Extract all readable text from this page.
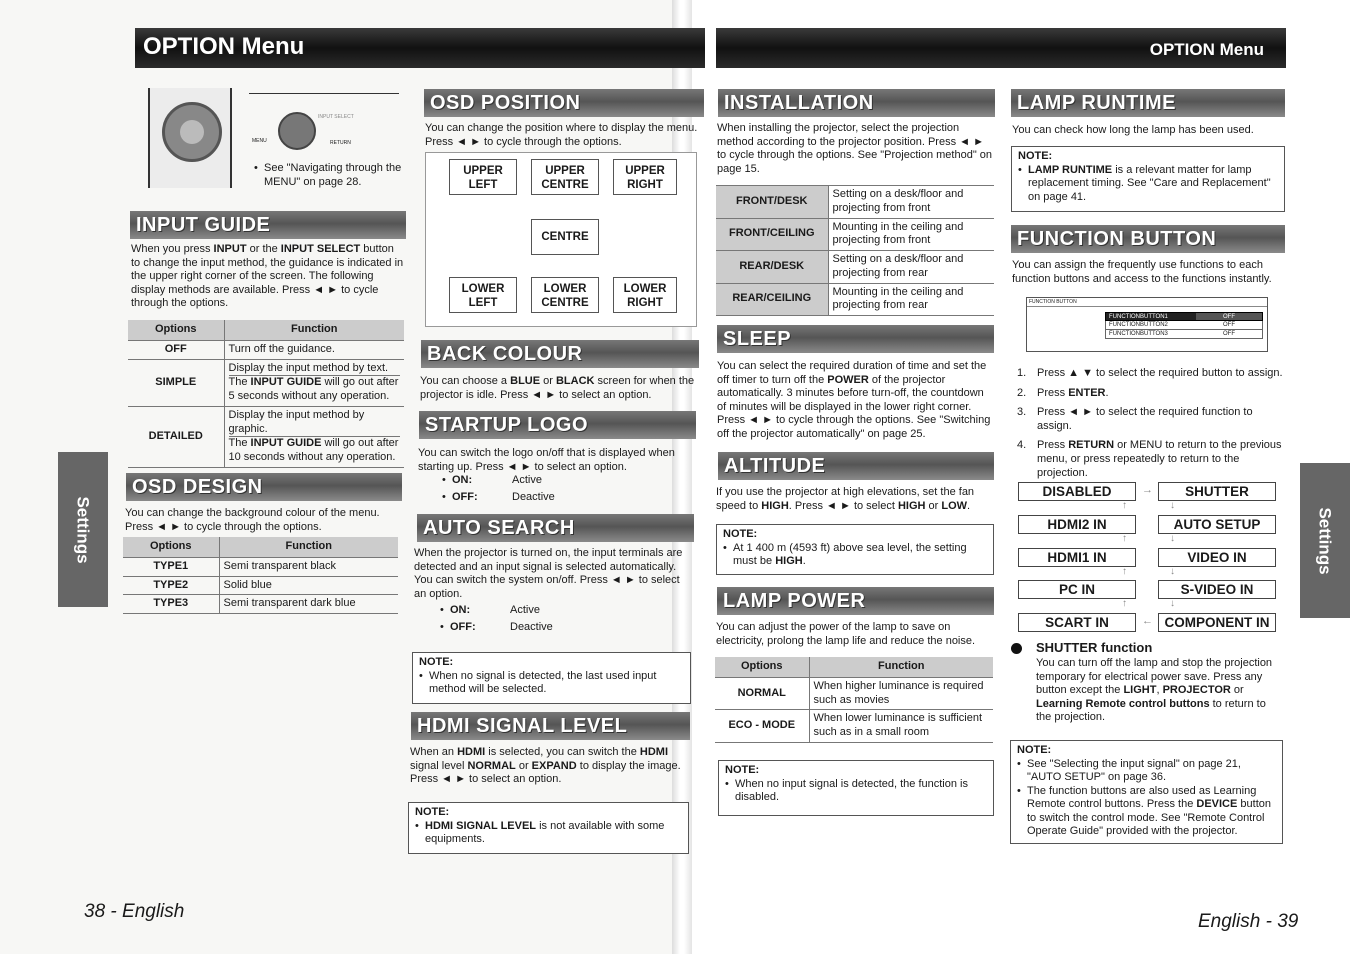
OPTION Menu
MENU	RETURN
INPUT SELECT
• See "Navigating through the MENU" on page 28.
INPUT GUIDE
When you press INPUT or the INPUT SELECT button to change the input method, the guidance is indicated in the upper right corner of the screen. The following display methods are available. Press ◄ ► to cycle through the options.
Options	Function
OFF	Turn off the guidance.
SIMPLE	Display the input method by text.
The INPUT GUIDE will go out after 5 seconds without any operation.

DETAILED	Display the input method by graphic.
The INPUT GUIDE will go out after 10 seconds without any operation.
OSD DESIGN
You can change the background colour of the menu. Press ◄ ► to cycle through the options.
Options	Function
TYPE1	Semi transparent black
TYPE2	Solid blue
TYPE3	Semi transparent dark blue
OSD POSITION
You can change the position where to display the menu. Press ◄ ► to cycle through the options.
UPPER LEFT
UPPER CENTRE
UPPER RIGHT
CENTRE
LOWER LEFT
LOWER CENTRE
LOWER RIGHT
BACK COLOUR
You can choose a BLUE or BLACK screen for when the projector is idle. Press ◄ ► to select an option.
STARTUP LOGO
You can switch the logo on/off that is displayed when starting up. Press ◄ ► to select an option.
• ON:	Active
• OFF:	Deactive
AUTO SEARCH
When the projector is turned on, the input terminals are detected and an input signal is selected automatically. You can switch the system on/off. Press ◄ ► to select an option.
• ON:	Active
• OFF:	Deactive
NOTE:
• When no signal is detected, the last used input method will be selected.
HDMI SIGNAL LEVEL
When an HDMI is selected, you can switch the HDMI signal level NORMAL or EXPAND to display the image. Press ◄ ► to select an option.
NOTE:
• HDMI SIGNAL LEVEL is not available with some equipments.
Settings
38 - English
OPTION Menu
INSTALLATION
When installing the projector, select the projection method according to the projector position. Press ◄ ► to cycle through the options. See "Projection method" on page 15.
FRONT/DESK	Setting on a desk/floor and projecting from front
FRONT/CEILING	Mounting in the ceiling and projecting from front
REAR/DESK	Setting on a desk/floor and projecting from rear
REAR/CEILING	Mounting in the ceiling and projecting from rear
SLEEP
You can select the required duration of time and set the off timer to turn off the POWER of the projector automatically. 3 minutes before turn-off, the countdown of minutes will be displayed in the lower right corner. Press ◄ ► to cycle through the options. See "Switching off the projector automatically" on page 25.
ALTITUDE
If you use the projector at high elevations, set the fan speed to HIGH. Press ◄ ► to select HIGH or LOW.
NOTE:
• At 1 400 m (4593 ft) above sea level, the setting must be HIGH.
LAMP POWER
You can adjust the power of the lamp to save on electricity, prolong the lamp life and reduce the noise.
Options	Function
NORMAL	When higher luminance is required such as movies
ECO - MODE	When lower luminance is sufficient such as in a small room
NOTE:
• When no input signal is detected, the function is disabled.
LAMP RUNTIME
You can check how long the lamp has been used.
NOTE:
• LAMP RUNTIME is a relevant matter for lamp replacement timing. See "Care and Replacement" on page 41.
FUNCTION BUTTON
You can assign the frequently use functions to each function buttons and access to the functions instantly.
FUNCTION BUTTON
FUNCTIONBUTTON1	OFF
FUNCTIONBUTTON2	OFF
FUNCTIONBUTTON3	OFF
1. Press ▲ ▼ to select the required button to assign.
2. Press ENTER.
3. Press ◄ ► to select the required function to assign.
4. Press RETURN or MENU to return to the previous menu, or press repeatedly to return to the projection.
DISABLED
HDMI2 IN
HDMI1 IN
PC IN
SCART IN
SHUTTER
AUTO SETUP
VIDEO IN
S-VIDEO IN
COMPONENT IN
→
←
↑
↑
↑
↑
↓
↓
↓
↓
SHUTTER function
You can turn off the lamp and stop the projection temporary for electrical power save. Press any button except the LIGHT, PROJECTOR or Learning Remote control buttons to return to the projection.
NOTE:
• See "Selecting the input signal" on page 21, "AUTO SETUP" on page 36.
• The function buttons are also used as Learning Remote control buttons. Press the DEVICE button to switch the control mode. See "Remote Control Operate Guide" provided with the projector.
Settings
English - 39
